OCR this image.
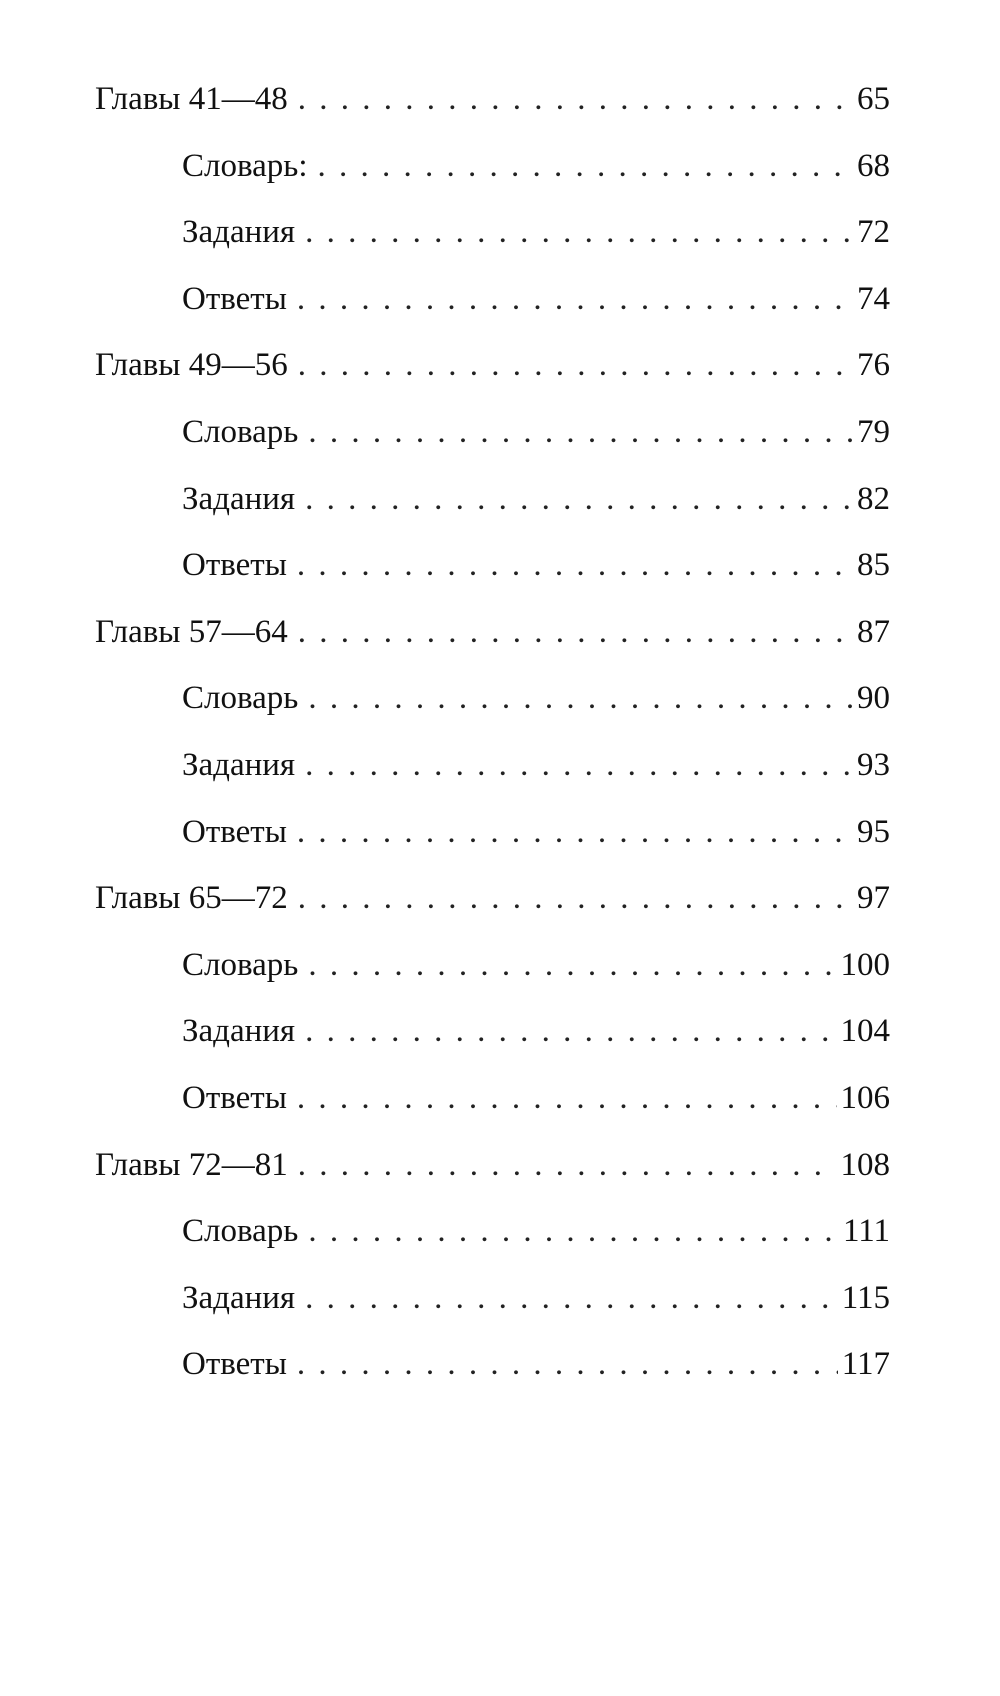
Главы 41—48 . . .	65
Словарь: . . .	68
Задания . . .	72
Ответы . . .	74
Главы 49—56 . . .	76
Словарь . . .	79
Задания . . .	82
Ответы . . .	85
Главы 57—64 . . .	87
Словарь . . .	90
Задания . . .	93
Ответы . . .	95
Главы 65—72 . . .	97
Словарь . . .	100
Задания . . .	104
Ответы . . .	106
Главы 72—81 . . .	108
Словарь . . .	111
Задания . . .	115
Ответы . . .	117
